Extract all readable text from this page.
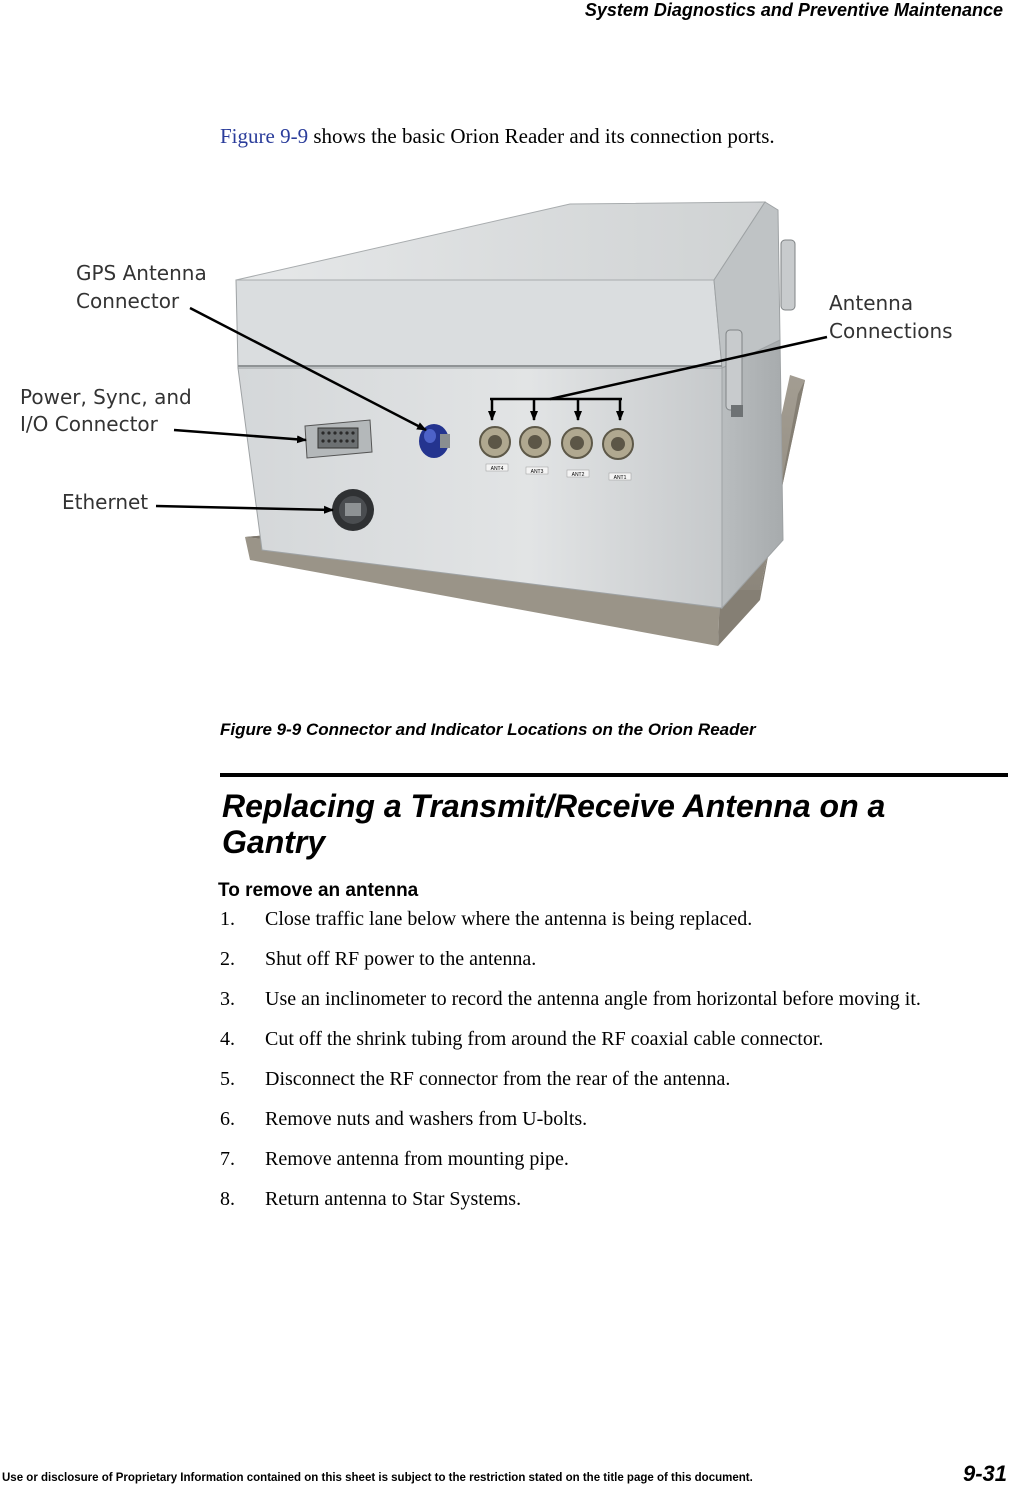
System Diagnostics and Preventive Maintenance

Figure 9-9 shows the basic Orion Reader and its connection ports.

ANT4	ANT3	ANT2	ANT1
GPS Antenna
Connector
Power, Sync, and
I/O Connector
Ethernet
Antenna
Connections
Figure 9-9 Connector and Indicator Locations on the Orion Reader
Replacing a Transmit/Receive Antenna on a Gantry
To remove an antenna
1. Close traffic lane below where the antenna is being replaced.
2. Shut off RF power to the antenna.
3. Use an inclinometer to record the antenna angle from horizontal before moving it.
4. Cut off the shrink tubing from around the RF coaxial cable connector.
5. Disconnect the RF connector from the rear of the antenna.
6. Remove nuts and washers from U-bolts.
7. Remove antenna from mounting pipe.
8. Return antenna to Star Systems.
Use or disclosure of Proprietary Information contained on this sheet is subject to the restriction stated on the title page of this document.	9-31
